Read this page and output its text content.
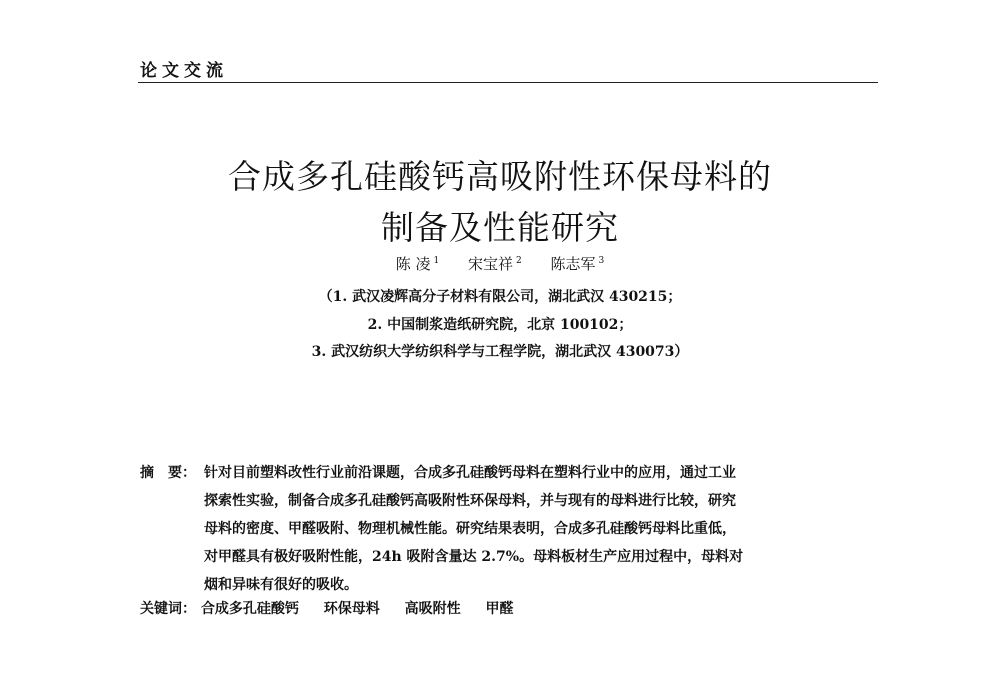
论文交流
合成多孔硅酸钙高吸附性环保母料的
制备及性能研究
陈 凌 $^1$ 宋宝祥 $^2$ 陈志军 $^3$
（1. 武汉凌辉高分子材料有限公司，湖北武汉 430215；
2. 中国制浆造纸研究院，北京 100102；
3. 武汉纺织大学纺织科学与工程学院，湖北武汉 430073）
摘　要： 针对目前塑料改性行业前沿课题，合成多孔硅酸钙母料在塑料行业中的应用，通过工业
探索性实验，制备合成多孔硅酸钙高吸附性环保母料，并与现有的母料进行比较，研究
母料的密度、甲醛吸附、物理机械性能。研究结果表明，合成多孔硅酸钙母料比重低，
对甲醛具有极好吸附性能，24h 吸附含量达 2.7%。母料板材生产应用过程中，母料对
烟和异味有很好的吸收。
关键词： 合成多孔硅酸钙 环保母料 高吸附性 甲醛
